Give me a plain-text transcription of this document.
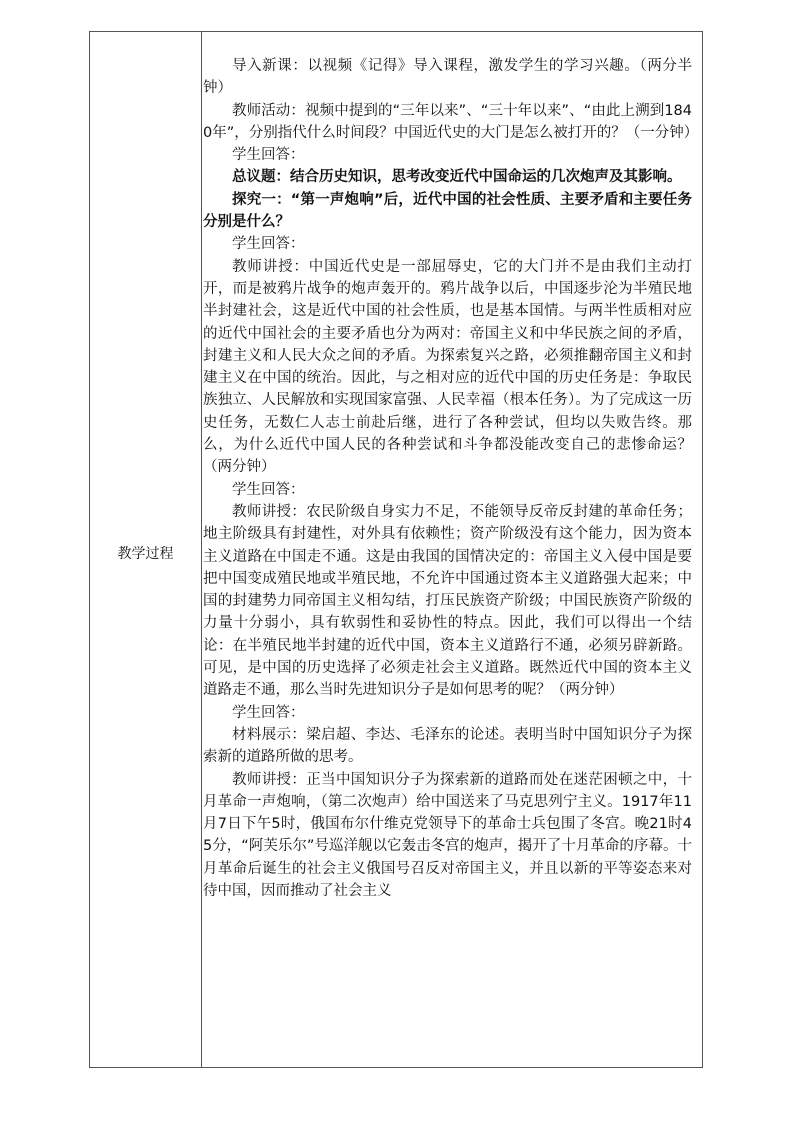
教学过程

导入新课：以视频《记得》导入课程，激发学生的学习兴趣。（两分半钟）

教师活动：视频中提到的“三年以来”、“三十年以来”、“由此上溯到1840年”，分别指代什么时间段？中国近代史的大门是怎么被打开的？（一分钟）

学生回答：

总议题：结合历史知识，思考改变近代中国命运的几次炮声及其影响。

探究一：“第一声炮响”后，近代中国的社会性质、主要矛盾和主要任务分别是什么？

学生回答：

教师讲授：中国近代史是一部屈辱史，它的大门并不是由我们主动打开，而是被鸦片战争的炮声轰开的。鸦片战争以后，中国逐步沦为半殖民地半封建社会，这是近代中国的社会性质，也是基本国情。与两半性质相对应的近代中国社会的主要矛盾也分为两对：帝国主义和中华民族之间的矛盾，封建主义和人民大众之间的矛盾。为探索复兴之路，必须推翻帝国主义和封建主义在中国的统治。因此，与之相对应的近代中国的历史任务是：争取民族独立、人民解放和实现国家富强、人民幸福（根本任务）。为了完成这一历史任务，无数仁人志士前赴后继，进行了各种尝试，但均以失败告终。那么，为什么近代中国人民的各种尝试和斗争都没能改变自己的悲惨命运？（两分钟）

学生回答：

教师讲授：农民阶级自身实力不足，不能领导反帝反封建的革命任务；地主阶级具有封建性，对外具有依赖性；资产阶级没有这个能力，因为资本主义道路在中国走不通。这是由我国的国情决定的：帝国主义入侵中国是要把中国变成殖民地或半殖民地，不允许中国通过资本主义道路强大起来；中国的封建势力同帝国主义相勾结，打压民族资产阶级；中国民族资产阶级的力量十分弱小，具有软弱性和妥协性的特点。因此，我们可以得出一个结论：在半殖民地半封建的近代中国，资本主义道路行不通，必须另辟新路。可见，是中国的历史选择了必须走社会主义道路。既然近代中国的资本主义道路走不通，那么当时先进知识分子是如何思考的呢？（两分钟）

学生回答：

材料展示：梁启超、李达、毛泽东的论述。表明当时中国知识分子为探索新的道路所做的思考。

教师讲授：正当中国知识分子为探索新的道路而处在迷茫困顿之中，十月革命一声炮响，（第二次炮声）给中国送来了马克思列宁主义。1917年11月7日下午5时，俄国布尔什维克党领导下的革命士兵包围了冬宫。晚21时45分，“阿芙乐尔”号巡洋舰以它轰击冬宫的炮声，揭开了十月革命的序幕。十月革命后诞生的社会主义俄国号召反对帝国主义，并且以新的平等姿态来对待中国，因而推动了社会主义
